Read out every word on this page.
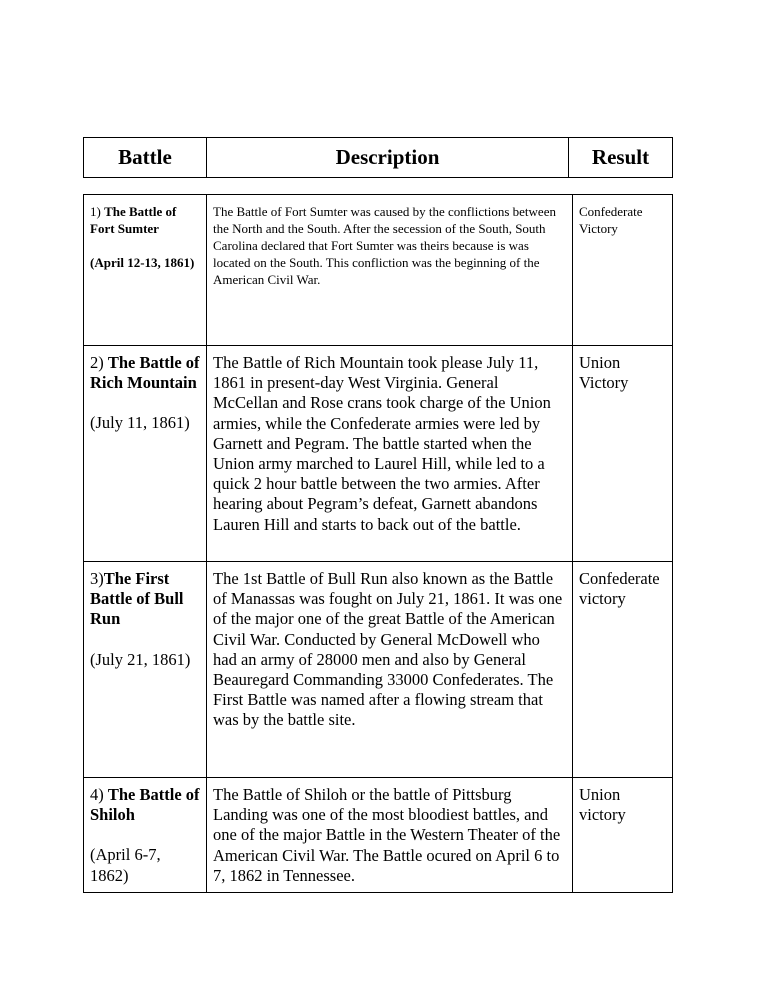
Battle	Description	Result
1) The Battle of Fort Sumter
(April 12-13, 1861)
The Battle of Fort Sumter was caused by the conflictions between the North and the South. After the secession of the South, South Carolina declared that Fort Sumter was theirs because is was located on the South. This confliction was the beginning of the American Civil War.
Confederate Victory
2) The Battle of Rich Mountain
(July 11, 1861)
The Battle of Rich Mountain took please July 11, 1861 in present-day West Virginia. General McCellan and Rose crans took charge of the Union armies, while the Confederate armies were led by Garnett and Pegram. The battle started when the Union army marched to Laurel Hill, while led to a quick 2 hour battle between the two armies. After hearing about Pegram’s defeat, Garnett abandons Lauren Hill and starts to back out of the battle.
Union Victory
3)The First Battle of Bull Run
(July 21, 1861)
The 1st Battle of Bull Run also known as the Battle of Manassas was fought on July 21, 1861. It was one of the major one of the great Battle of the American Civil War. Conducted by General McDowell who had an army of 28000 men and also by General Beauregard Commanding 33000 Confederates. The First Battle was named after a flowing stream that was by the battle site.
Confederate victory
4) The Battle of Shiloh
(April 6-7, 1862)
The Battle of Shiloh or the battle of Pittsburg Landing was one of the most bloodiest battles, and one of the major Battle in the Western Theater of the American Civil War. The Battle ocured on April 6 to 7, 1862 in Tennessee.
Union victory
